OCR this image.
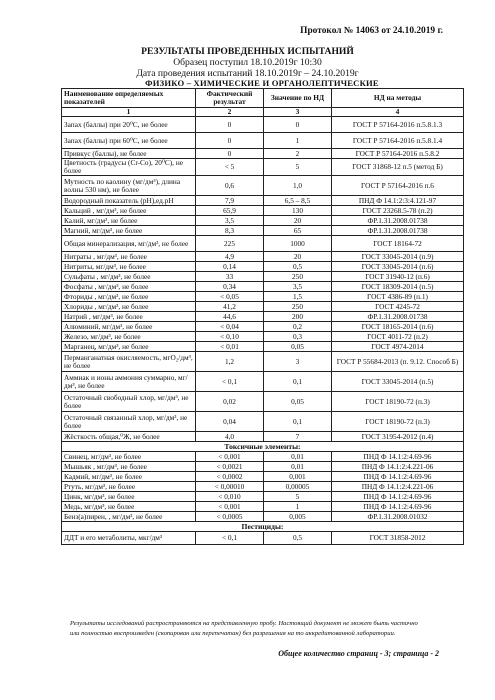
Протокол № 14063 от 24.10.2019 г.
РЕЗУЛЬТАТЫ ПРОВЕДЕННЫХ ИСПЫТАНИЙ
Образец поступил 18.10.2019г 10:30
Дата проведения испытаний 18.10.2019г – 24.10.2019г
ФИЗИКО – ХИМИЧЕСКИЕ И ОРГАНОЛЕПТИЧЕСКИЕ
Наименование определяемых показателей	Фактический результат	Значение по НД	НД на методы
1	2	3	4
Запах (баллы) при 20⁰С, не более	0	0	ГОСТ Р 57164-2016 п.5.8.1.3
Запах (баллы) при 60⁰С, не более	0	1	ГОСТ Р 57164-2016 п.5.8.1.4
Привкус (баллы), не более	0	2	ГОСТ Р 57164-2016 п.5.8.2
Цветность (градусы (Cr-Co), 20⁰С), не более	< 5	5	ГОСТ 31868-12 п.5 (метод Б)
Мутность по каолину (мг/дм³), длина волны 530 нм), не более	0,6	1,0	ГОСТ Р 57164-2016 п.6
Водородный показатель (рН),ед.рН	7,9	6,5 – 8,5	ПНД Ф 14.1:2:3:4.121-97
Кальций , мг/дм³, не более	65,9	130	ГОСТ 23268.5-78 (п.2)
Калий, мг/дм³, не более	3,5	20	ФР.1.31.2008.01738
Магний, мг/дм³, не более	8,3	65	ФР.1.31.2008.01738
Общая минерализация, мг/дм³, не более	225	1000	ГОСТ 18164-72
Нитраты , мг/дм³, не более	4,9	20	ГОСТ 33045-2014 (п.9)
Нитриты, мг/дм³, не более	0,14	0,5	ГОСТ 33045-2014 (п.6)
Сульфаты , мг/дм³, не более	33	250	ГОСТ 31940-12 (п.6)
Фосфаты , мг/дм³, не более	0,34	3,5	ГОСТ 18309-2014 (п.5)
Фториды , мг/дм³, не более	< 0,05	1,5	ГОСТ 4386-89 (п.1)
Хлориды , мг/дм³, не более	41,2	250	ГОСТ 4245-72
Натрий , мг/дм³, не более	44,6	200	ФР.1.31.2008.01738
Алюминий, мг/дм³, не более	< 0,04	0,2	ГОСТ 18165-2014 (п.6)
Железо, мг/дм³, не более	< 0,10	0,3	ГОСТ 4011-72 (п.2)
Марганец, мг/дм³, не более	< 0,01	0,05	ГОСТ 4974-2014
Перманганатная окисляемость, мгО₂/дм³, не более	1,2	3	ГОСТ Р 55684-2013 (п. 9.12. Способ Б)
Аммиак и ионы аммония суммарно, мг/дм³, не более	< 0,1	0,1	ГОСТ 33045-2014 (п.5)
Остаточный свободный хлор, мг/дм³, не более	0,02	0,05	ГОСТ 18190-72 (п.3)
Остаточный связанный хлор, мг/дм³, не более	0,04	0,1	ГОСТ 18190-72 (п.3)
Жёсткость общая,⁰Ж, не более	4,0	7	ГОСТ 31954-2012 (п.4)
Токсичные элементы:			
Свинец, мг/дм³, не более	< 0,001	0,01	ПНД Ф 14.1:2:4.69-96
Мышьяк , мг/дм³, не более	< 0,0021	0,01	ПНД Ф 14.1:2:4.221-06
Кадмий, мг/дм³, не более	< 0,0002	0,001	ПНД Ф 14.1:2:4.69-96
Ртуть, мг/дм³, не более	< 0,00010	0,00005	ПНД Ф 14.1:2:4.221-06
Цинк, мг/дм³, не более	< 0,010	5	ПНД Ф 14.1:2:4.69-96
Медь, мг/дм³, не более	< 0,001	1	ПНД Ф 14.1:2:4.69-96
Бенз(а)пирен, , мг/дм³, не более	< 0,0005	0,005	ФР.1.31.2008.01032
Пестициды:			
ДДТ и его метаболиты, мкг/дм³	< 0,1	0,5	ГОСТ 31858-2012
Результаты исследований распространяются на представленную пробу. Настоящий документ не может быть частично или полностью воспроизведен (скопирован или перепечатан) без разрешения на то аккредитованной лаборатории.
Общее количество страниц - 3; страница - 2
